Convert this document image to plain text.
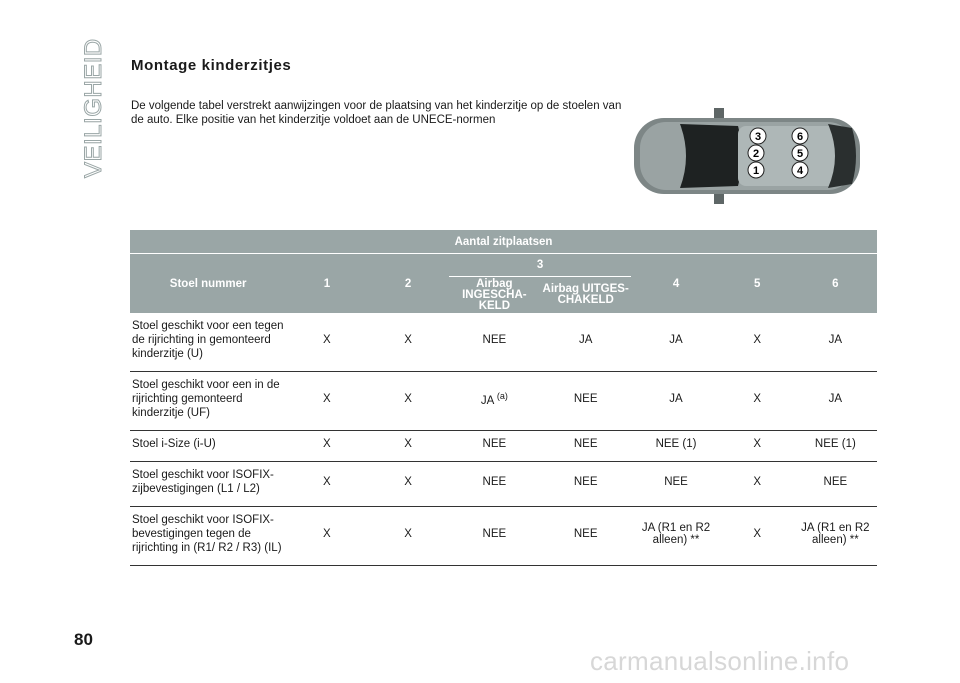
VEILIGHEID Montage kinderzitjes
De volgende tabel verstrekt aanwijzingen voor de plaatsing van het kinderzitje op de stoelen van de auto. Elke positie van het kinderzitje voldoet aan de UNECE-normen
3	6
2	5
1	4
Aantal zitplaatsen							
Stoel nummer	1	2	3		4	5	6
			Airbag INGESCHA-KELD	Airbag UITGES-CHAKELD			
Stoel geschikt voor een tegen de rijrichting in gemonteerd kinderzitje (U)	X	X	NEE	JA	JA	X	JA
Stoel geschikt voor een in de rijrichting gemonteerd kinderzitje (UF)	X	X	JA $^{(a)}$	NEE	JA	X	JA
Stoel i-Size (i-U)	X	X	NEE	NEE	NEE (1)	X	NEE (1)
Stoel geschikt voor ISOFIX-zijbevestigingen (L1 / L2)	X	X	NEE	NEE	NEE	X	NEE
Stoel geschikt voor ISOFIX-bevestigingen tegen de rijrichting in (R1/ R2 / R3) (IL)	X	X	NEE	NEE	JA (R1 en R2 alleen) **	X	JA (R1 en R2 alleen) **
80
carmanualsonline.info
